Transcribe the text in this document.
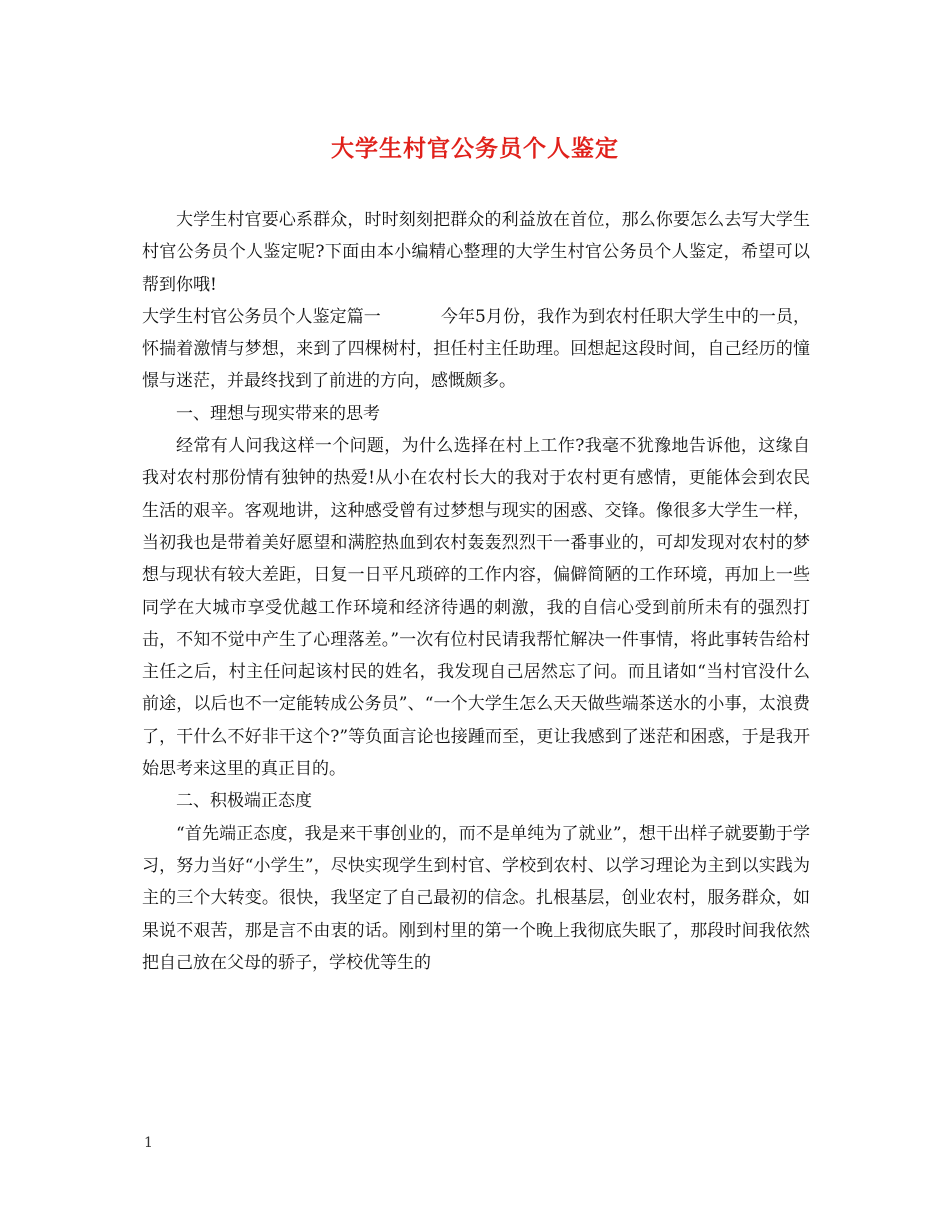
大学生村官公务员个人鉴定

大学生村官要心系群众，时时刻刻把群众的利益放在首位，那么你要怎么去写大学生村官公务员个人鉴定呢?下面由本小编精心整理的大学生村官公务员个人鉴定，希望可以帮到你哦!

大学生村官公务员个人鉴定篇一	今年5月份，我作为到农村任职大学生中的一员，怀揣着激情与梦想，来到了四棵树村，担任村主任助理。回想起这段时间，自己经历的憧憬与迷茫，并最终找到了前进的方向，感慨颇多。

一、理想与现实带来的思考

经常有人问我这样一个问题，为什么选择在村上工作?我毫不犹豫地告诉他，这缘自我对农村那份情有独钟的热爱!从小在农村长大的我对于农村更有感情，更能体会到农民生活的艰辛。客观地讲，这种感受曾有过梦想与现实的困惑、交锋。像很多大学生一样，当初我也是带着美好愿望和满腔热血到农村轰轰烈烈干一番事业的，可却发现对农村的梦想与现状有较大差距，日复一日平凡琐碎的工作内容，偏僻简陋的工作环境，再加上一些同学在大城市享受优越工作环境和经济待遇的刺激，我的自信心受到前所未有的强烈打击，不知不觉中产生了心理落差。”一次有位村民请我帮忙解决一件事情，将此事转告给村主任之后，村主任问起该村民的姓名，我发现自己居然忘了问。而且诸如“当村官没什么前途，以后也不一定能转成公务员”、“一个大学生怎么天天做些端茶送水的小事，太浪费了，干什么不好非干这个?”等负面言论也接踵而至，更让我感到了迷茫和困惑，于是我开始思考来这里的真正目的。

二、积极端正态度

“首先端正态度，我是来干事创业的，而不是单纯为了就业”，想干出样子就要勤于学习，努力当好“小学生”，尽快实现学生到村官、学校到农村、以学习理论为主到以实践为主的三个大转变。很快，我坚定了自己最初的信念。扎根基层，创业农村，服务群众，如果说不艰苦，那是言不由衷的话。刚到村里的第一个晚上我彻底失眠了，那段时间我依然把自己放在父母的骄子，学校优等生的

1
